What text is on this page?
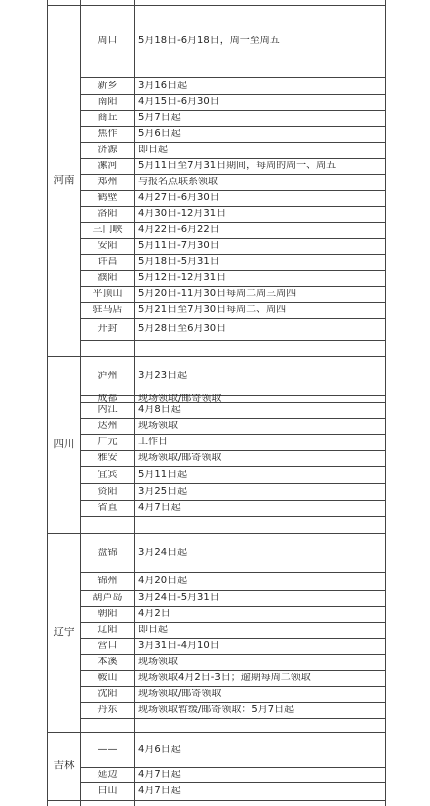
河南
周口	5月18日-6月18日，周一至周五
新乡	3月16日起
南阳	4月15日-6月30日
商丘	5月7日起
焦作	5月6日起
济源	即日起
漯河	5月11日至7月31日期间，每周的周一、周五
郑州	与报名点联系领取
鹤壁	4月27日-6月30日
洛阳	4月30日-12月31日
三门峡	4月22日-6月22日
安阳	5月11日-7月30日
许昌	5月18日-5月31日
濮阳	5月12日-12月31日
平顶山	5月20日-11月30日每周二周三周四
驻马店	5月21日至7月30日每周二、周四
开封	5月28日至6月30日
四川
泸州	3月23日起
成都	现场领取/邮寄领取
内江	4月8日起
达州	现场领取
广元	工作日
雅安	现场领取/邮寄领取
宜宾	5月11日起
资阳	3月25日起
省直	4月7日起
辽宁
盘锦	3月24日起
锦州	4月20日起
葫芦岛	3月24日-5月31日
朝阳	4月2日
辽阳	即日起
营口	3月31日-4月10日
本溪	现场领取
鞍山	现场领取4月2日-3日；逾期每周二领取
沈阳	现场领取/邮寄领取
丹东	现场领取暂缓/邮寄领取：5月7日起
吉林
——	4月6日起
延边	4月7日起
白山	4月7日起
